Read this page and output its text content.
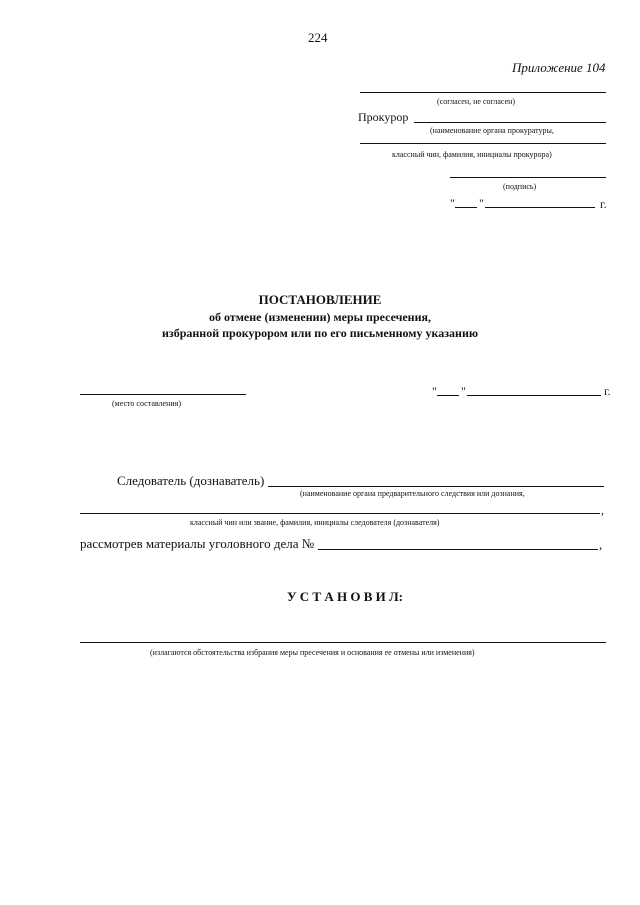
224
Приложение 104
(согласен, не согласен)
Прокурор
(наименование органа прокуратуры,
классный чин, фамилия, инициалы прокурора)
(подпись)
" "	г.
ПОСТАНОВЛЕНИЕ
об отмене (изменении) меры пресечения,
избранной прокурором или по его письменному указанию
(место составления)
" "	г.
Следователь (дознаватель)
(наименование органа предварительного следствия или дознания,
,
классный чин или звание, фамилия, инициалы следователя (дознавателя)
рассмотрев материалы уголовного дела №	,
У С Т А Н О В И Л:
(излагаются обстоятельства избрания меры пресечения и основания ее отмены или изменения)
